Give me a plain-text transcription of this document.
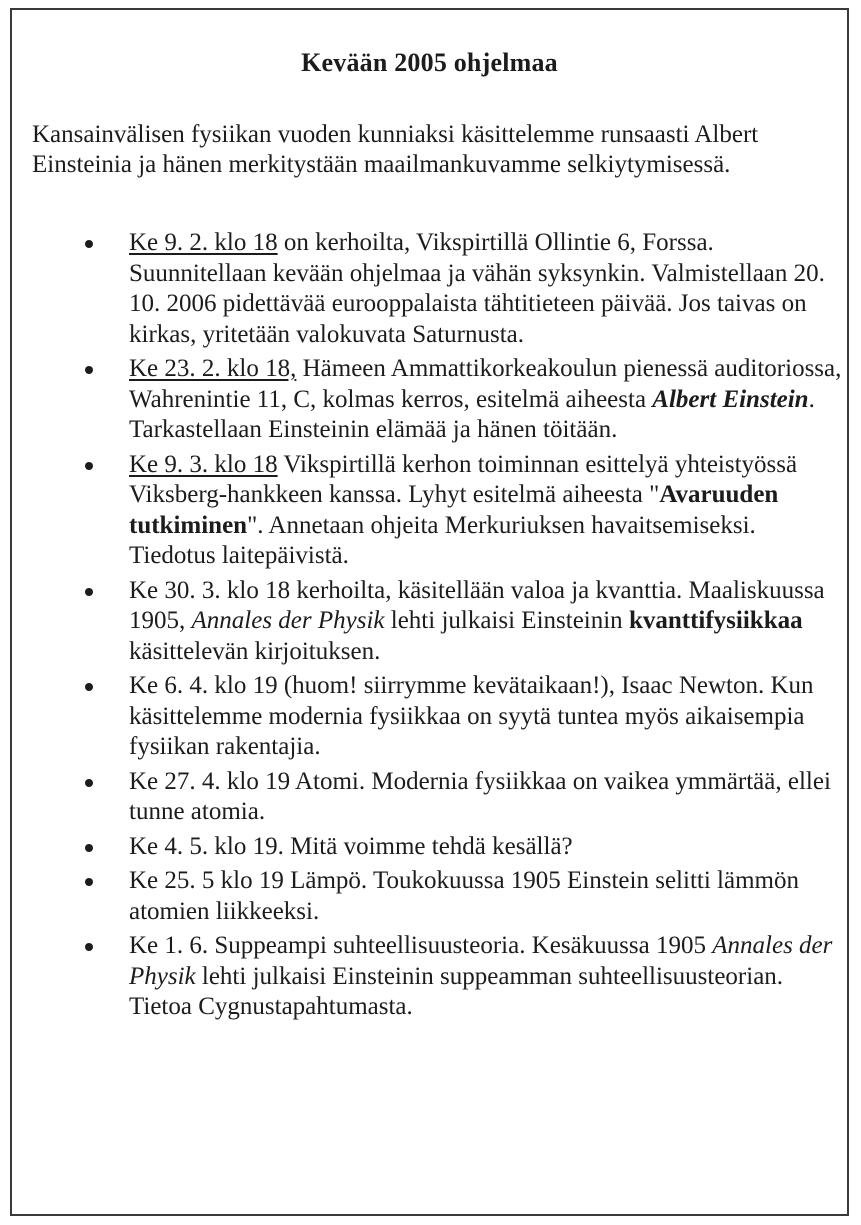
Kevään 2005 ohjelmaa

Kansainvälisen fysiikan vuoden kunniaksi käsittelemme runsaasti Albert Einsteinia ja hänen merkitystään maailmankuvamme selkiytymisessä.

Ke 9. 2. klo 18 on kerhoilta, Vikspirtillä Ollintie 6, Forssa. Suunnitellaan kevään ohjelmaa ja vähän syksynkin. Valmistellaan 20. 10. 2006 pidettävää eurooppalaista tähtitieteen päivää. Jos taivas on kirkas, yritetään valokuvata Saturnusta.
Ke 23. 2. klo 18, Hämeen Ammattikorkeakoulun pienessä auditoriossa, Wahrenintie 11, C, kolmas kerros, esitelmä aiheesta Albert Einstein. Tarkastellaan Einsteinin elämää ja hänen töitään.
Ke 9. 3. klo 18 Vikspirtillä kerhon toiminnan esittelyä yhteistyössä Viksberg-hankkeen kanssa. Lyhyt esitelmä aiheesta "Avaruuden tutkiminen". Annetaan ohjeita Merkuriuksen havaitsemiseksi. Tiedotus laitepäivistä.
Ke 30. 3. klo 18 kerhoilta, käsitellään valoa ja kvanttia. Maaliskuussa 1905, Annales der Physik lehti julkaisi Einsteinin kvanttifysiikkaa käsittelevän kirjoituksen.
Ke 6. 4. klo 19 (huom! siirrymme kevätaikaan!), Isaac Newton. Kun käsittelemme modernia fysiikkaa on syytä tuntea myös aikaisempia fysiikan rakentajia.
Ke 27. 4. klo 19 Atomi. Modernia fysiikkaa on vaikea ymmärtää, ellei tunne atomia.
Ke 4. 5. klo 19. Mitä voimme tehdä kesällä?
Ke 25. 5 klo 19 Lämpö. Toukokuussa 1905 Einstein selitti lämmön atomien liikkeeksi.
Ke 1. 6. Suppeampi suhteellisuusteoria. Kesäkuussa 1905 Annales der Physik lehti julkaisi Einsteinin suppeamman suhteellisuusteorian. Tietoa Cygnustapahtumasta.
